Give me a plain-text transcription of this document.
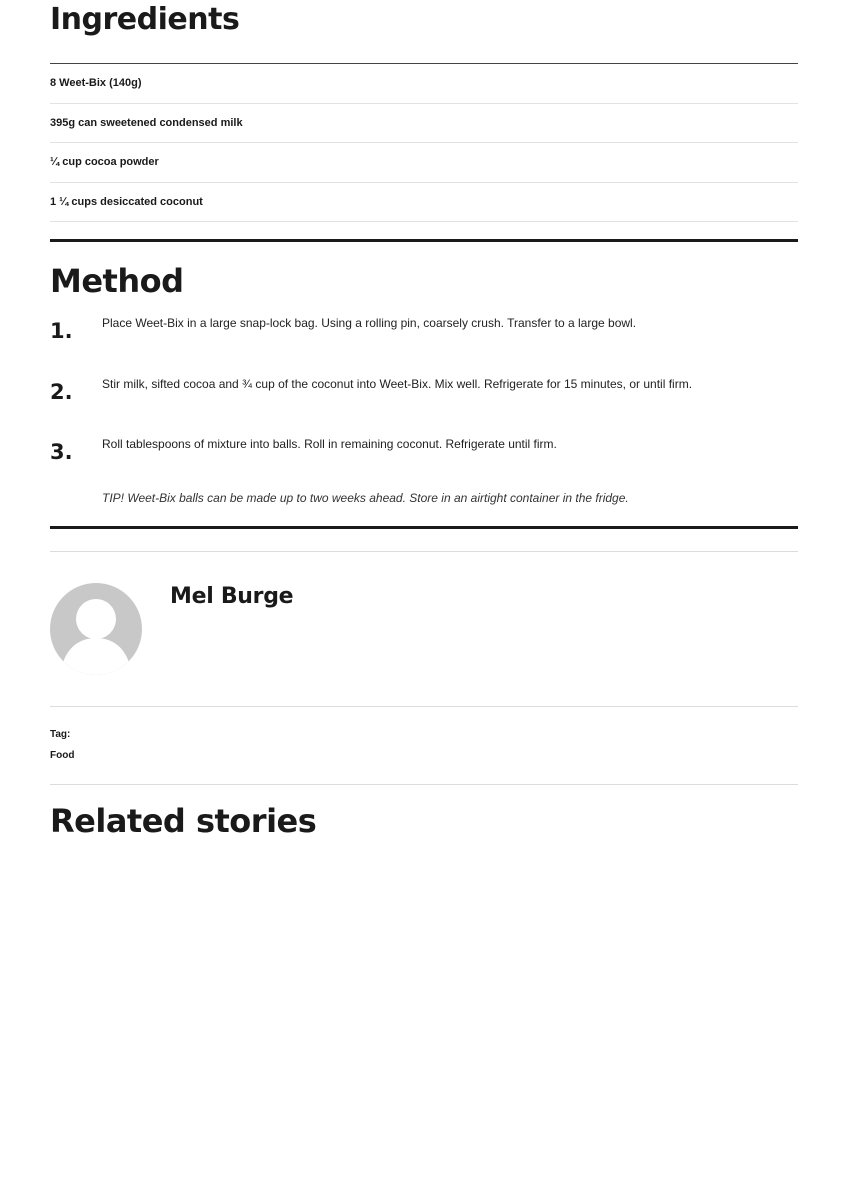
Ingredients
8 Weet-Bix (140g)
395g can sweetened condensed milk
¼ cup cocoa powder
1 ¼ cups desiccated coconut
Method
1. Place Weet-Bix in a large snap-lock bag. Using a rolling pin, coarsely crush. Transfer to a large bowl.
2. Stir milk, sifted cocoa and ¾ cup of the coconut into Weet-Bix. Mix well. Refrigerate for 15 minutes, or until firm.
3. Roll tablespoons of mixture into balls. Roll in remaining coconut. Refrigerate until firm.

TIP! Weet-Bix balls can be made up to two weeks ahead. Store in an airtight container in the fridge.

Mel Burge
Tag:
Food
Related stories
